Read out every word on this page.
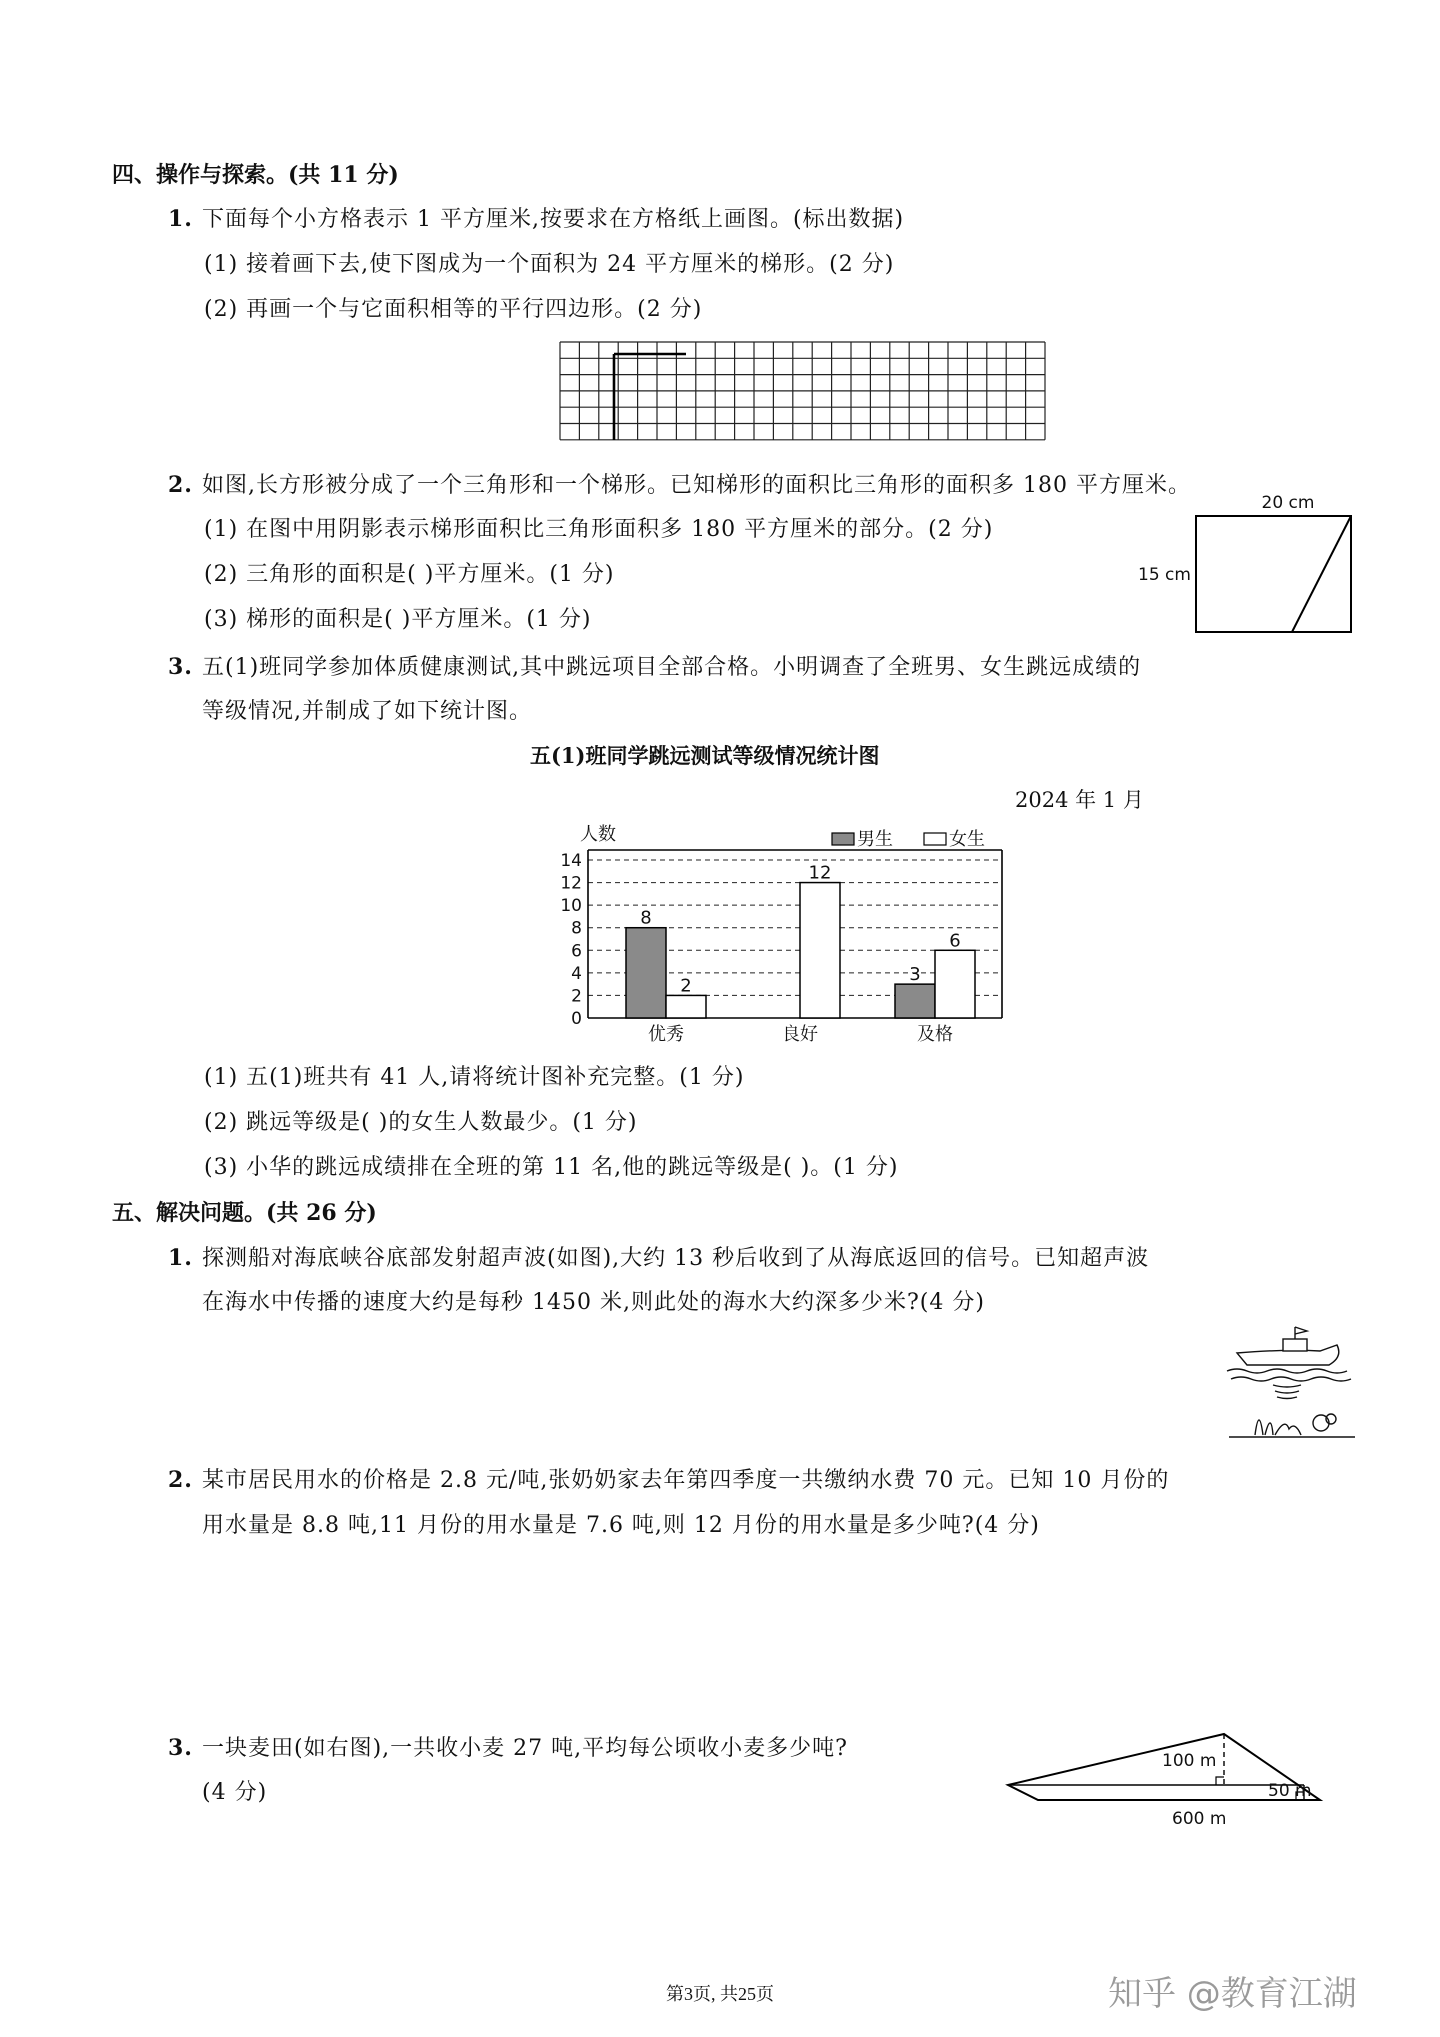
四、操作与探索。(共 11 分)
1. 下面每个小方格表示 1 平方厘米,按要求在方格纸上画图。(标出数据)
(1) 接着画下去,使下图成为一个面积为 24 平方厘米的梯形。(2 分)
(2) 再画一个与它面积相等的平行四边形。(2 分)
2. 如图,长方形被分成了一个三角形和一个梯形。已知梯形的面积比三角形的面积多 180 平方厘米。
(1) 在图中用阴影表示梯形面积比三角形面积多 180 平方厘米的部分。(2 分)
(2) 三角形的面积是( )平方厘米。(1 分)
(3) 梯形的面积是( )平方厘米。(1 分)
20 cm
15 cm
3. 五(1)班同学参加体质健康测试,其中跳远项目全部合格。小明调查了全班男、女生跳远成绩的
等级情况,并制成了如下统计图。
五(1)班同学跳远测试等级情况统计图
2024 年 1 月
8
2
12
3
6
0
2
4
6
8
10
12
14
优秀	良好	及格
人数	男生	女生
(1) 五(1)班共有 41 人,请将统计图补充完整。(1 分)
(2) 跳远等级是( )的女生人数最少。(1 分)
(3) 小华的跳远成绩排在全班的第 11 名,他的跳远等级是( )。(1 分)
五、解决问题。(共 26 分)
1. 探测船对海底峡谷底部发射超声波(如图),大约 13 秒后收到了从海底返回的信号。已知超声波
在海水中传播的速度大约是每秒 1450 米,则此处的海水大约深多少米?(4 分)
2. 某市居民用水的价格是 2.8 元/吨,张奶奶家去年第四季度一共缴纳水费 70 元。已知 10 月份的
用水量是 8.8 吨,11 月份的用水量是 7.6 吨,则 12 月份的用水量是多少吨?(4 分)
3. 一块麦田(如右图),一共收小麦 27 吨,平均每公顷收小麦多少吨?
(4 分)
100 m
50 m
600 m
第3页, 共25页	知乎 @教育江湖
